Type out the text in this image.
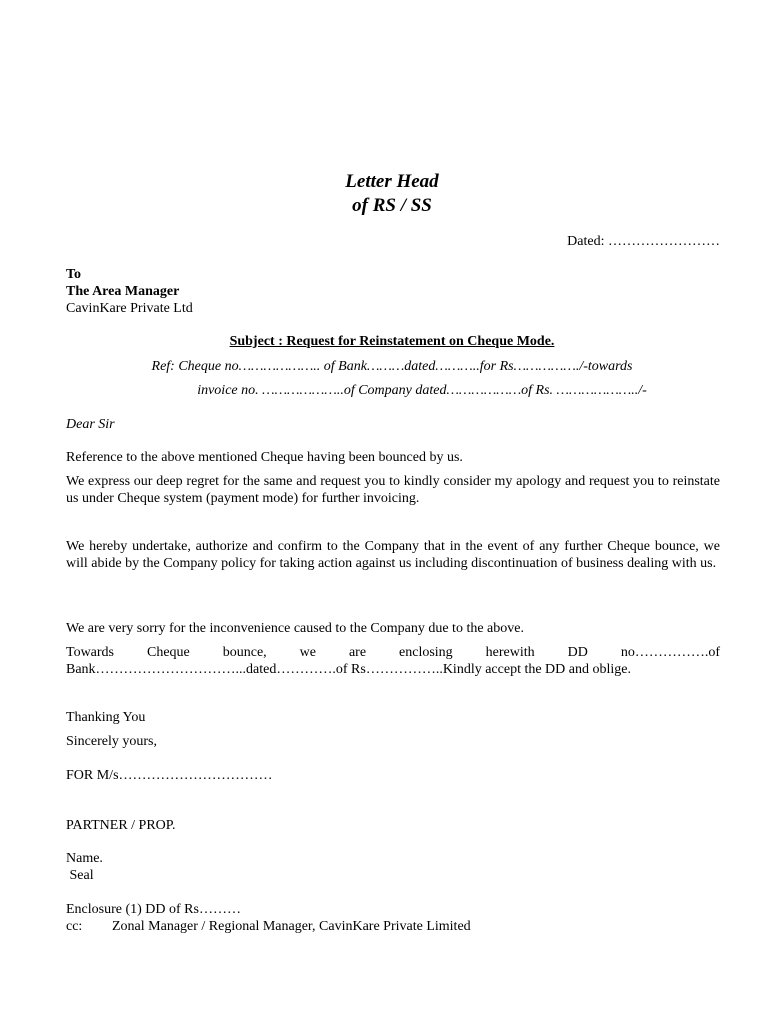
Letter Head
of RS / SS
Dated: ……………………
To
The Area Manager
CavinKare Private Ltd
Subject : Request for Reinstatement on Cheque Mode.
Ref: Cheque no……………….. of Bank………dated………..for Rs……………./-towards
invoice no. ………………..of Company dated………………of Rs. ………………../-
Dear Sir
Reference to the above mentioned Cheque having been bounced by us.
We express our deep regret for the same and request you to kindly consider my apology and request you to reinstate us under Cheque system (payment mode) for further invoicing.
We hereby undertake, authorize and confirm to the Company that in the event of any further Cheque bounce, we will abide by the Company policy for taking action against us including discontinuation of business dealing with us.
We are very sorry for the inconvenience caused to the Company due to the above.
Towards Cheque bounce, we are enclosing herewith DD no…………….of
Bank…………………………...dated………….of Rs……………..Kindly accept the DD and oblige.
Thanking You
Sincerely yours,
FOR M/s……………………………
PARTNER / PROP.
Name.
Seal
Enclosure (1) DD of Rs………
cc: Zonal Manager / Regional Manager, CavinKare Private Limited
